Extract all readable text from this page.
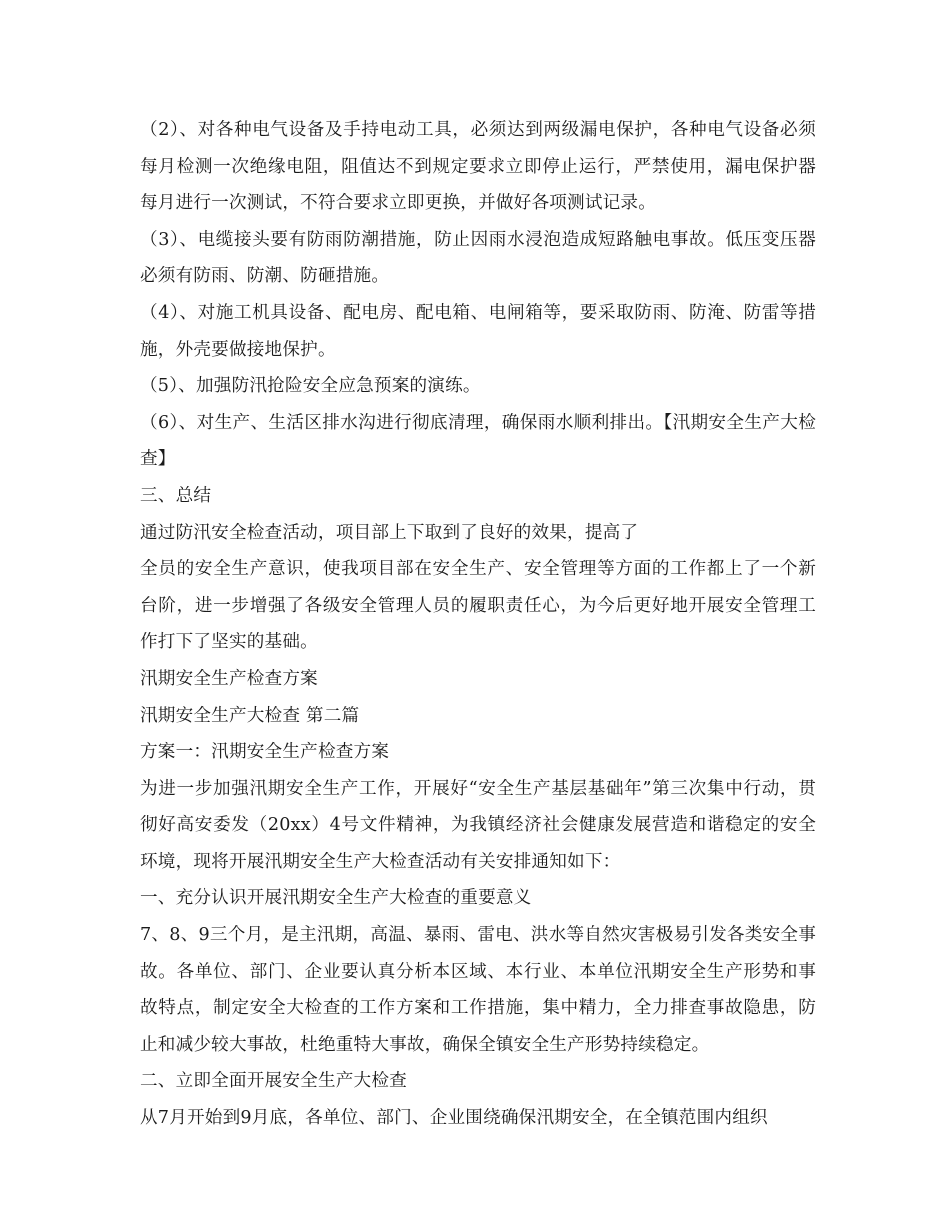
（2）、对各种电气设备及手持电动工具，必须达到两级漏电保护，各种电气设备必须每月检测一次绝缘电阻，阻值达不到规定要求立即停止运行，严禁使用，漏电保护器每月进行一次测试，不符合要求立即更换，并做好各项测试记录。

（3）、电缆接头要有防雨防潮措施，防止因雨水浸泡造成短路触电事故。低压变压器必须有防雨、防潮、防砸措施。

（4）、对施工机具设备、配电房、配电箱、电闸箱等，要采取防雨、防淹、防雷等措施，外壳要做接地保护。

（5）、加强防汛抢险安全应急预案的演练。

（6）、对生产、生活区排水沟进行彻底清理，确保雨水顺利排出。【汛期安全生产大检查】

三、总结

通过防汛安全检查活动，项目部上下取到了良好的效果，提高了

全员的安全生产意识，使我项目部在安全生产、安全管理等方面的工作都上了一个新台阶，进一步增强了各级安全管理人员的履职责任心，为今后更好地开展安全管理工作打下了坚实的基础。

汛期安全生产检查方案

汛期安全生产大检查 第二篇

方案一：汛期安全生产检查方案

为进一步加强汛期安全生产工作，开展好“安全生产基层基础年”第三次集中行动，贯彻好高安委发（20xx）4号文件精神，为我镇经济社会健康发展营造和谐稳定的安全环境，现将开展汛期安全生产大检查活动有关安排通知如下：

一、充分认识开展汛期安全生产大检查的重要意义

7、8、9三个月，是主汛期，高温、暴雨、雷电、洪水等自然灾害极易引发各类安全事故。各单位、部门、企业要认真分析本区域、本行业、本单位汛期安全生产形势和事故特点，制定安全大检查的工作方案和工作措施，集中精力，全力排查事故隐患，防止和减少较大事故，杜绝重特大事故，确保全镇安全生产形势持续稳定。

二、立即全面开展安全生产大检查

从7月开始到9月底，各单位、部门、企业围绕确保汛期安全，在全镇范围内组织
